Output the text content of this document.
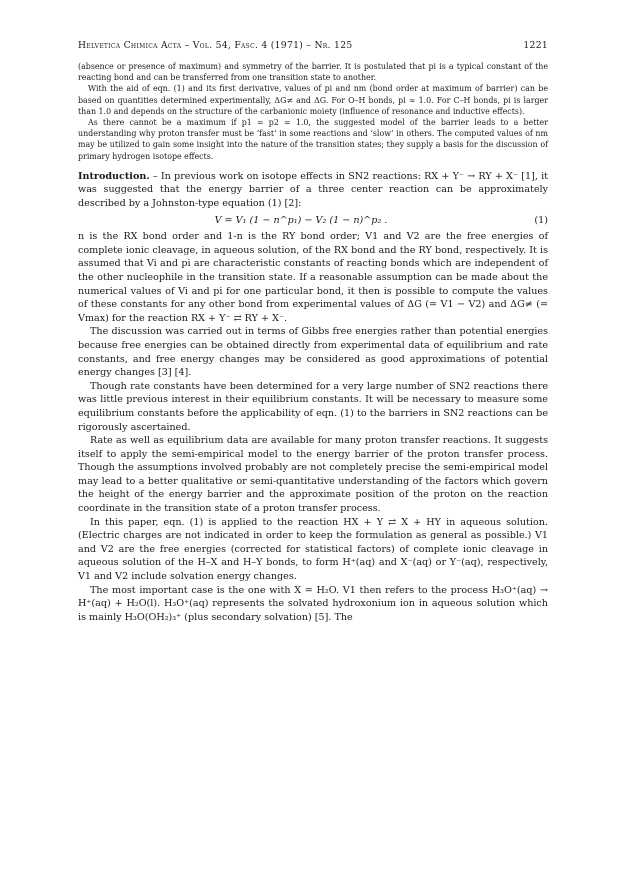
Helvetica Chimica Acta – Vol. 54, Fasc. 4 (1971) – Nr. 125	1221

(absence or presence of maximum) and symmetry of the barrier. It is postulated that pi is a typical constant of the reacting bond and can be transferred from one transition state to another.

With the aid of eqn. (1) and its first derivative, values of pi and nm (bond order at maximum of barrier) can be based on quantities determined experimentally, ΔG≠ and ΔG. For O–H bonds, pi ≈ 1.0. For C–H bonds, pi is larger than 1.0 and depends on the structure of the carbanionic moiety (influence of resonance and inductive effects).

As there cannot be a maximum if p1 = p2 = 1.0, the suggested model of the barrier leads to a better understanding why proton transfer must be ‘fast’ in some reactions and ‘slow’ in others. The computed values of nm may be utilized to gain some insight into the nature of the transition states; they supply a basis for the discussion of primary hydrogen isotope effects.

Introduction. – In previous work on isotope effects in SN2 reactions: RX + Y⁻ → RY + X⁻ [1], it was suggested that the energy barrier of a three center reaction can be approximately described by a Johnston-type equation (1) [2]:

V = V₁ (1 − n^p₁) − V₂ (1 − n)^p₂ .	(1)

n is the RX bond order and 1-n is the RY bond order; V1 and V2 are the free energies of complete ionic cleavage, in aqueous solution, of the RX bond and the RY bond, respectively. It is assumed that Vi and pi are characteristic constants of reacting bonds which are independent of the other nucleophile in the transition state. If a reasonable assumption can be made about the numerical values of Vi and pi for one particular bond, it then is possible to compute the values of these constants for any other bond from experimental values of ΔG (= V1 − V2) and ΔG≠ (= Vmax) for the reaction RX + Y⁻ ⇄ RY + X⁻.

The discussion was carried out in terms of Gibbs free energies rather than potential energies because free energies can be obtained directly from experimental data of equilibrium and rate constants, and free energy changes may be considered as good approximations of potential energy changes [3] [4].

Though rate constants have been determined for a very large number of SN2 reactions there was little previous interest in their equilibrium constants. It will be necessary to measure some equilibrium constants before the applicability of eqn. (1) to the barriers in SN2 reactions can be rigorously ascertained.

Rate as well as equilibrium data are available for many proton transfer reactions. It suggests itself to apply the semi-empirical model to the energy barrier of the proton transfer process. Though the assumptions involved probably are not completely precise the semi-empirical model may lead to a better qualitative or semi-quantitative understanding of the factors which govern the height of the energy barrier and the approximate position of the proton on the reaction coordinate in the transition state of a proton transfer process.

In this paper, eqn. (1) is applied to the reaction HX + Y ⇄ X + HY in aqueous solution. (Electric charges are not indicated in order to keep the formulation as general as possible.) V1 and V2 are the free energies (corrected for statistical factors) of complete ionic cleavage in aqueous solution of the H–X and H–Y bonds, to form H⁺(aq) and X⁻(aq) or Y⁻(aq), respectively, V1 and V2 include solvation energy changes.

The most important case is the one with X = H₂O. V1 then refers to the process H₃O⁺(aq) → H⁺(aq) + H₂O(l). H₃O⁺(aq) represents the solvated hydroxonium ion in aqueous solution which is mainly H₃O(OH₂)₃⁺ (plus secondary solvation) [5]. The
